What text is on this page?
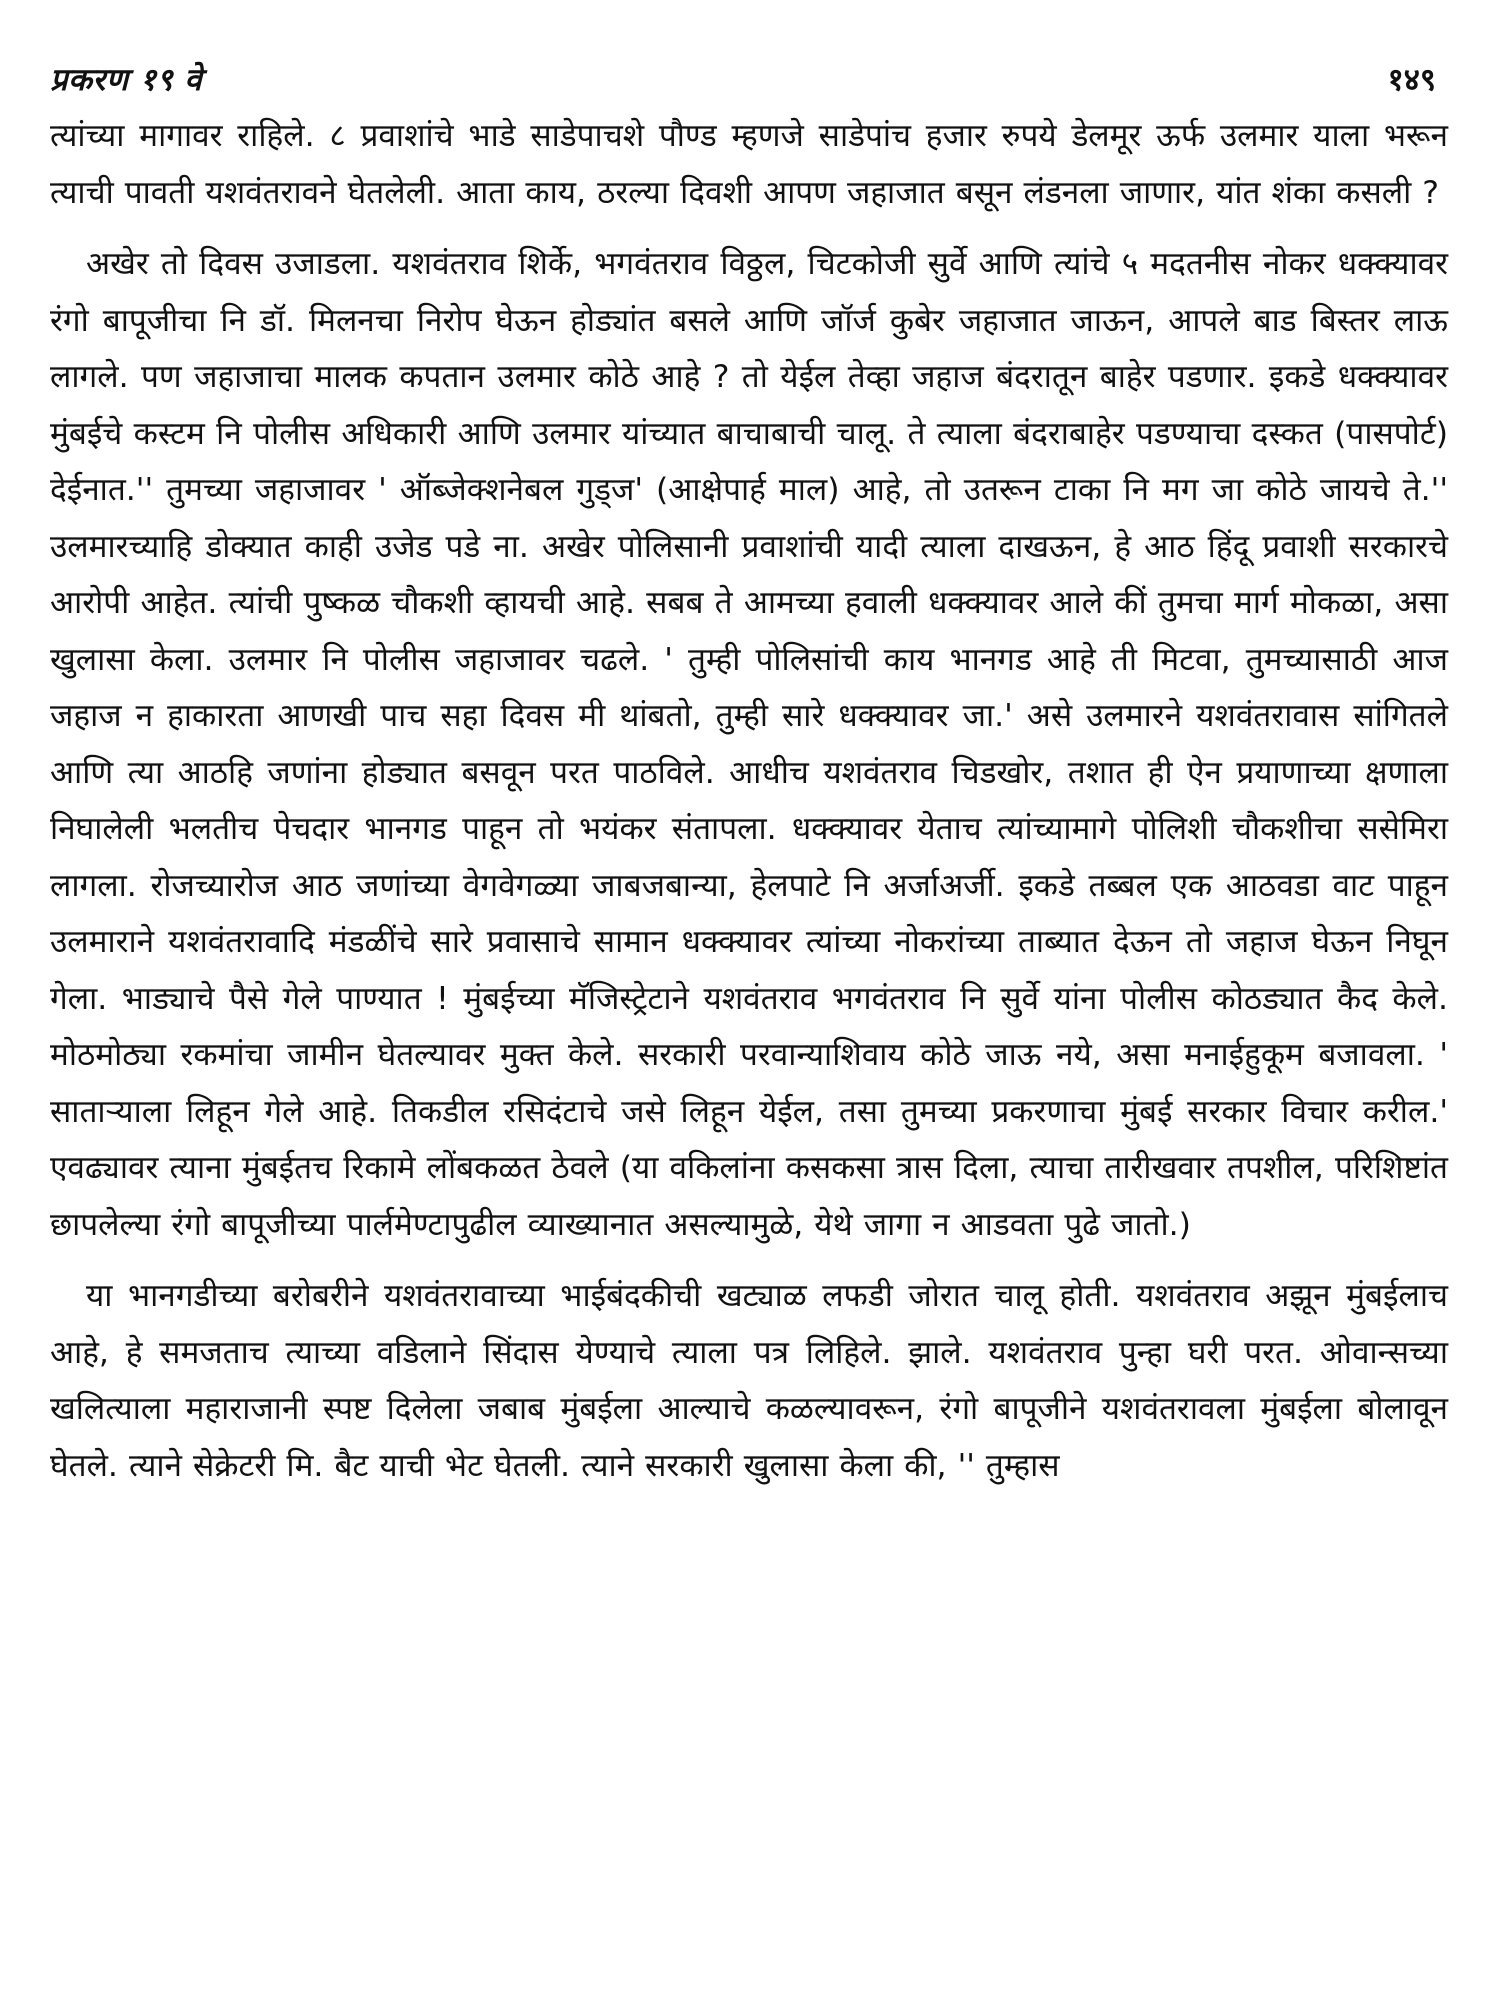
प्रकरण १९ वे	१४९

त्यांच्या मागावर राहिले. ८ प्रवाशांचे भाडे साडेपाचशे पौण्ड म्हणजे साडेपांच हजार रुपये डेलमूर ऊर्फ उलमार याला भरून त्याची पावती यशवंतरावने घेतलेली. आता काय, ठरल्या दिवशी आपण जहाजात बसून लंडनला जाणार, यांत शंका कसली ?

अखेर तो दिवस उजाडला. यशवंतराव शिर्के, भगवंतराव विठ्ठल, चिटकोजी सुर्वे आणि त्यांचे ५ मदतनीस नोकर धक्क्यावर रंगो बापूजीचा नि डॉ. मिलनचा निरोप घेऊन होड्यांत बसले आणि जॉर्ज कुबेर जहाजात जाऊन, आपले बाड बिस्तर लाऊ लागले. पण जहाजाचा मालक कपतान उलमार कोठे आहे ? तो येईल तेव्हा जहाज बंदरातून बाहेर पडणार. इकडे धक्क्यावर मुंबईचे कस्टम नि पोलीस अधिकारी आणि उलमार यांच्यात बाचाबाची चालू. ते त्याला बंदराबाहेर पडण्याचा दस्कत (पासपोर्ट) देईनात.'' तुमच्या जहाजावर ' ऑब्जेक्शनेबल गुड्ज' (आक्षेपार्ह माल) आहे, तो उतरून टाका नि मग जा कोठे जायचे ते.'' उलमारच्याहि डोक्यात काही उजेड पडे ना. अखेर पोलिसानी प्रवाशांची यादी त्याला दाखऊन, हे आठ हिंदू प्रवाशी सरकारचे आरोपी आहेत. त्यांची पुष्कळ चौकशी व्हायची आहे. सबब ते आमच्या हवाली धक्क्यावर आले कीं तुमचा मार्ग मोकळा, असा खुलासा केला. उलमार नि पोलीस जहाजावर चढले. ' तुम्ही पोलिसांची काय भानगड आहे ती मिटवा, तुमच्यासाठी आज जहाज न हाकारता आणखी पाच सहा दिवस मी थांबतो, तुम्ही सारे धक्क्यावर जा.' असे उलमारने यशवंतरावास सांगितले आणि त्या आठहि जणांना होड्यात बसवून परत पाठविले. आधीच यशवंतराव चिडखोर, तशात ही ऐन प्रयाणाच्या क्षणाला निघालेली भलतीच पेचदार भानगड पाहून तो भयंकर संतापला. धक्क्यावर येताच त्यांच्यामागे पोलिशी चौकशीचा ससेमिरा लागला. रोजच्यारोज आठ जणांच्या वेगवेगळ्या जाबजबान्या, हेलपाटे नि अर्जाअर्जी. इकडे तब्बल एक आठवडा वाट पाहून उलमाराने यशवंतरावादि मंडळींचे सारे प्रवासाचे सामान धक्क्यावर त्यांच्या नोकरांच्या ताब्यात देऊन तो जहाज घेऊन निघून गेला. भाड्याचे पैसे गेले पाण्यात ! मुंबईच्या मॅजिस्ट्रेटाने यशवंतराव भगवंतराव नि सुर्वे यांना पोलीस कोठड्यात कैद केले. मोठमोठ्या रकमांचा जामीन घेतल्यावर मुक्त केले. सरकारी परवान्याशिवाय कोठे जाऊ नये, असा मनाईहुकूम बजावला. ' सातार्‍याला लिहून गेले आहे. तिकडील रसिदंटाचे जसे लिहून येईल, तसा तुमच्या प्रकरणाचा मुंबई सरकार विचार करील.' एवढ्यावर त्याना मुंबईतच रिकामे लोंबकळत ठेवले (या वकिलांना कसकसा त्रास दिला, त्याचा तारीखवार तपशील, परिशिष्टांत छापलेल्या रंगो बापूजीच्या पार्लमेण्टापुढील व्याख्यानात असल्यामुळे, येथे जागा न आडवता पुढे जातो.)

या भानगडीच्या बरोबरीने यशवंतरावाच्या भाईबंदकीची खट्याळ लफडी जोरात चालू होती. यशवंतराव अझून मुंबईलाच आहे, हे समजताच त्याच्या वडिलाने सिंदास येण्याचे त्याला पत्र लिहिले. झाले. यशवंतराव पुन्हा घरी परत. ओवान्सच्या खलित्याला महाराजानी स्पष्ट दिलेला जबाब मुंबईला आल्याचे कळल्यावरून, रंगो बापूजीने यशवंतरावला मुंबईला बोलावून घेतले. त्याने सेक्रेटरी मि. बैट याची भेट घेतली. त्याने सरकारी खुलासा केला की, '' तुम्हास
